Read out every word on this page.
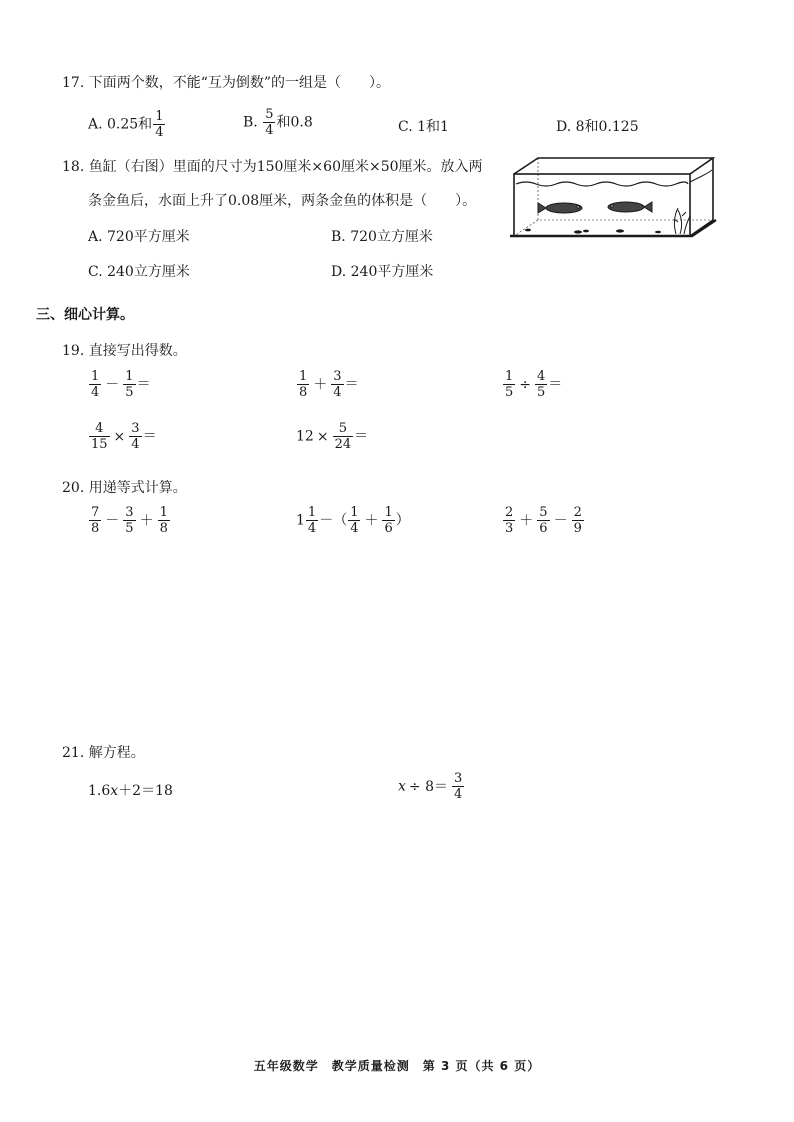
17. 下面两个数，不能“互为倒数”的一组是（　　）。
A. 0.25和 $\frac{1}{4}$	B. $\frac{5}{4}$ 和0.8	C. 1和1	D. 8和0.125
18. 鱼缸（右图）里面的尺寸为150厘米×60厘米×50厘米。放入两
条金鱼后，水面上升了0.08厘米，两条金鱼的体积是（　　）。
A. 720平方厘米	B. 720立方厘米
C. 240立方厘米	D. 240平方厘米
三、细心计算。
19. 直接写出得数。
$\frac{1}{4} - \frac{1}{5}$ ＝	$\frac{1}{8} + \frac{3}{4}$ ＝	$\frac{1}{5} \div \frac{4}{5}$ ＝
$\frac{4}{15} \times \frac{3}{4}$ ＝	$12 \times \frac{5}{24}$ ＝
20. 用递等式计算。
$\frac{7}{8} - \frac{3}{5} + \frac{1}{8}$	$1 \frac{1}{4}$ －（ $\frac{1}{4} + \frac{1}{6}$ ）	$\frac{2}{3} + \frac{5}{6} - \frac{2}{9}$
21. 解方程。
1.6x＋2＝18	$x \div 8= \frac{3}{4}$
五年级数学　教学质量检测　第 3 页（共 6 页）
